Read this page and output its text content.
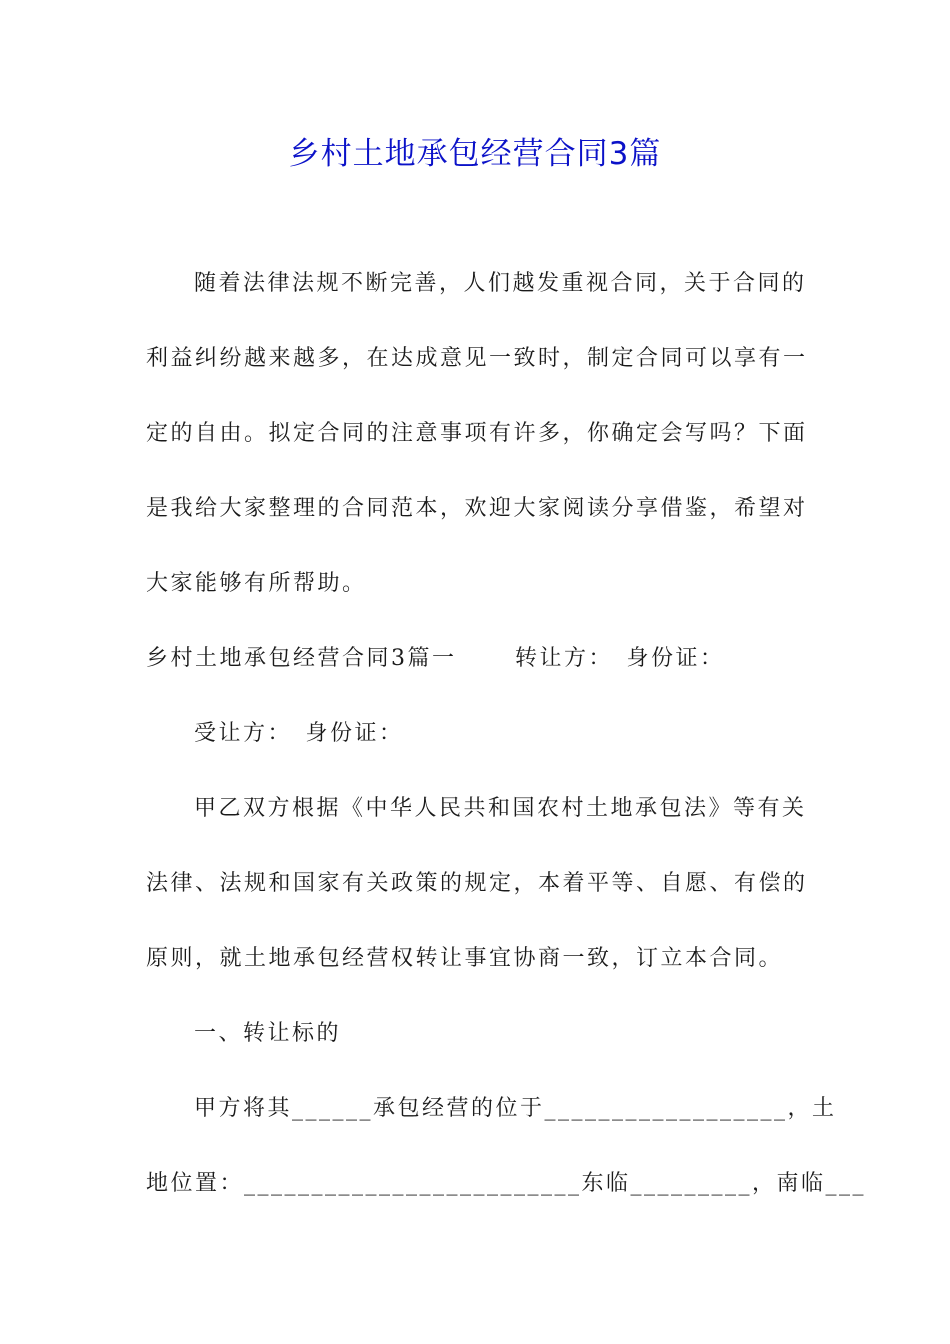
乡村土地承包经营合同3篇
随着法律法规不断完善，人们越发重视合同，关于合同的
利益纠纷越来越多，在达成意见一致时，制定合同可以享有一
定的自由。拟定合同的注意事项有许多，你确定会写吗？下面
是我给大家整理的合同范本，欢迎大家阅读分享借鉴，希望对
大家能够有所帮助。
乡村土地承包经营合同3篇一　　 转让方：　身份证：
受让方：　身份证：
甲乙双方根据《中华人民共和国农村土地承包法》等有关
法律、法规和国家有关政策的规定，本着平等、自愿、有偿的
原则，就土地承包经营权转让事宜协商一致，订立本合同。
一、转让标的
甲方将其______承包经营的位于__________________，土
地位置：_________________________东临_________，南临___
